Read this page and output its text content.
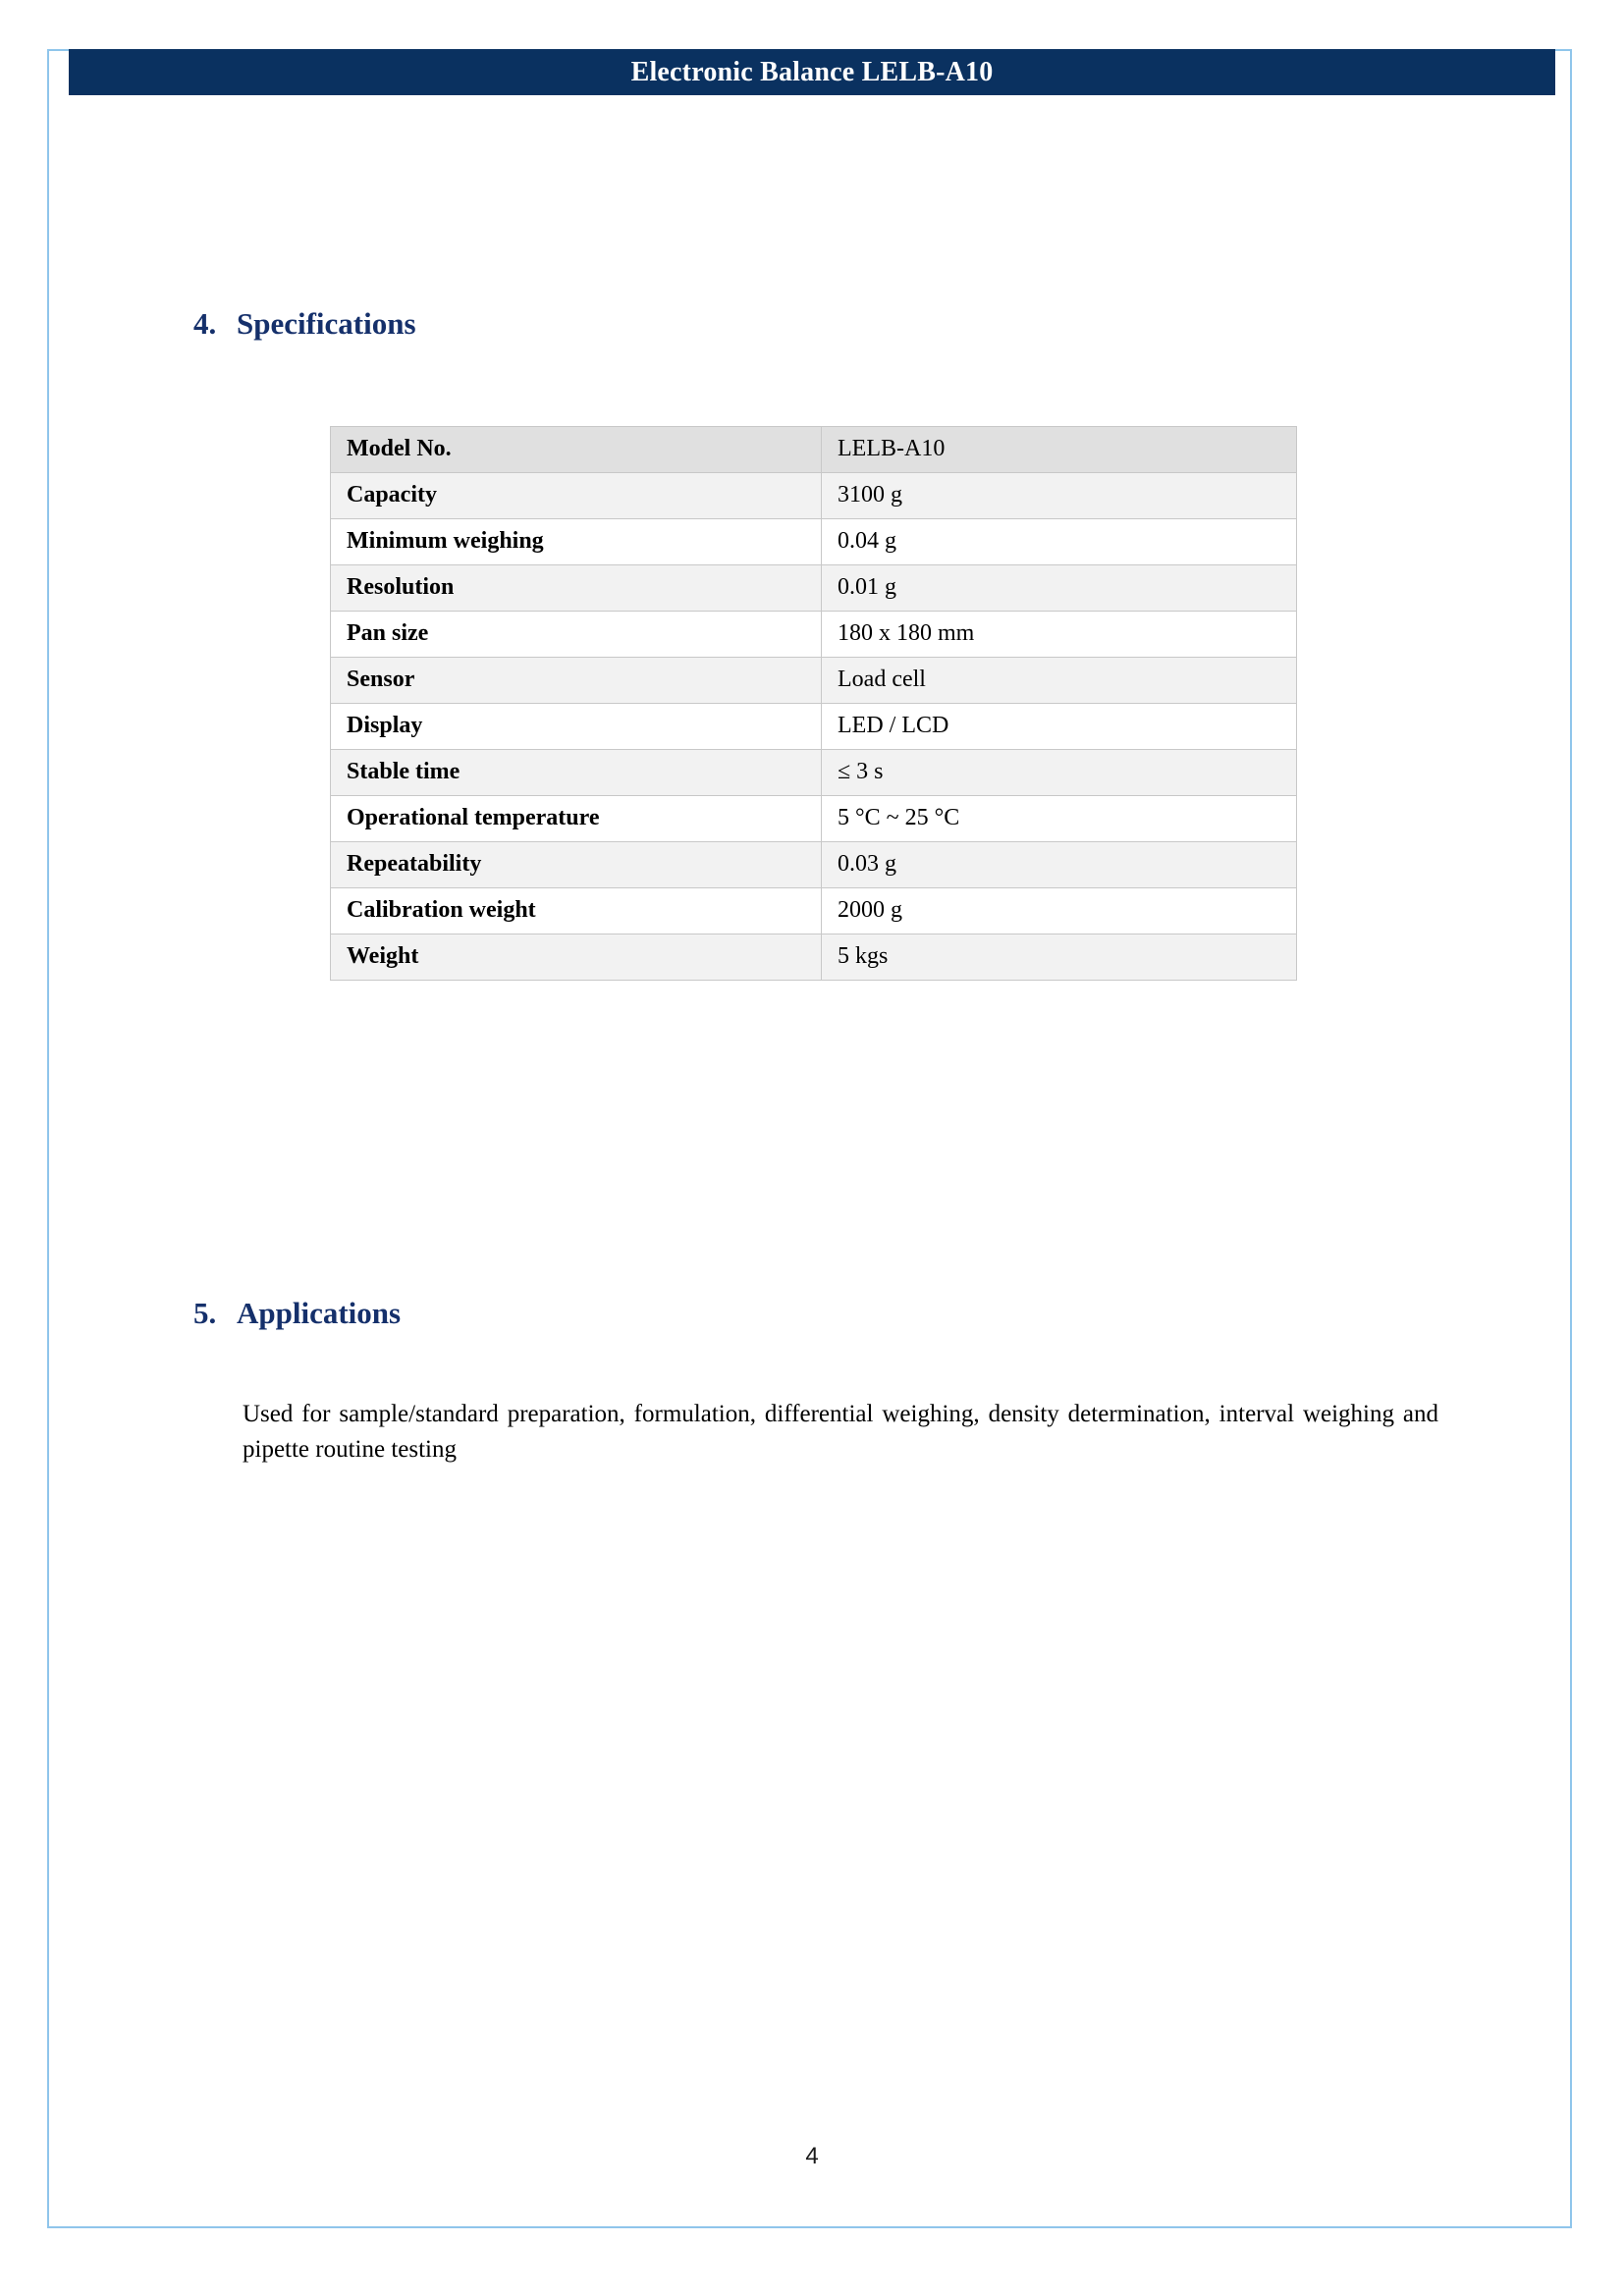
Electronic Balance LELB-A10
4. Specifications
Model No.	LELB-A10
Capacity	3100 g
Minimum weighing	0.04 g
Resolution	0.01 g
Pan size	180 x 180 mm
Sensor	Load cell
Display	LED / LCD
Stable time	≤ 3 s
Operational temperature	5 °C ~ 25 °C
Repeatability	0.03 g
Calibration weight	2000 g
Weight	5 kgs
5. Applications

Used for sample/standard preparation, formulation, differential weighing, density determination, interval weighing and pipette routine testing

4
